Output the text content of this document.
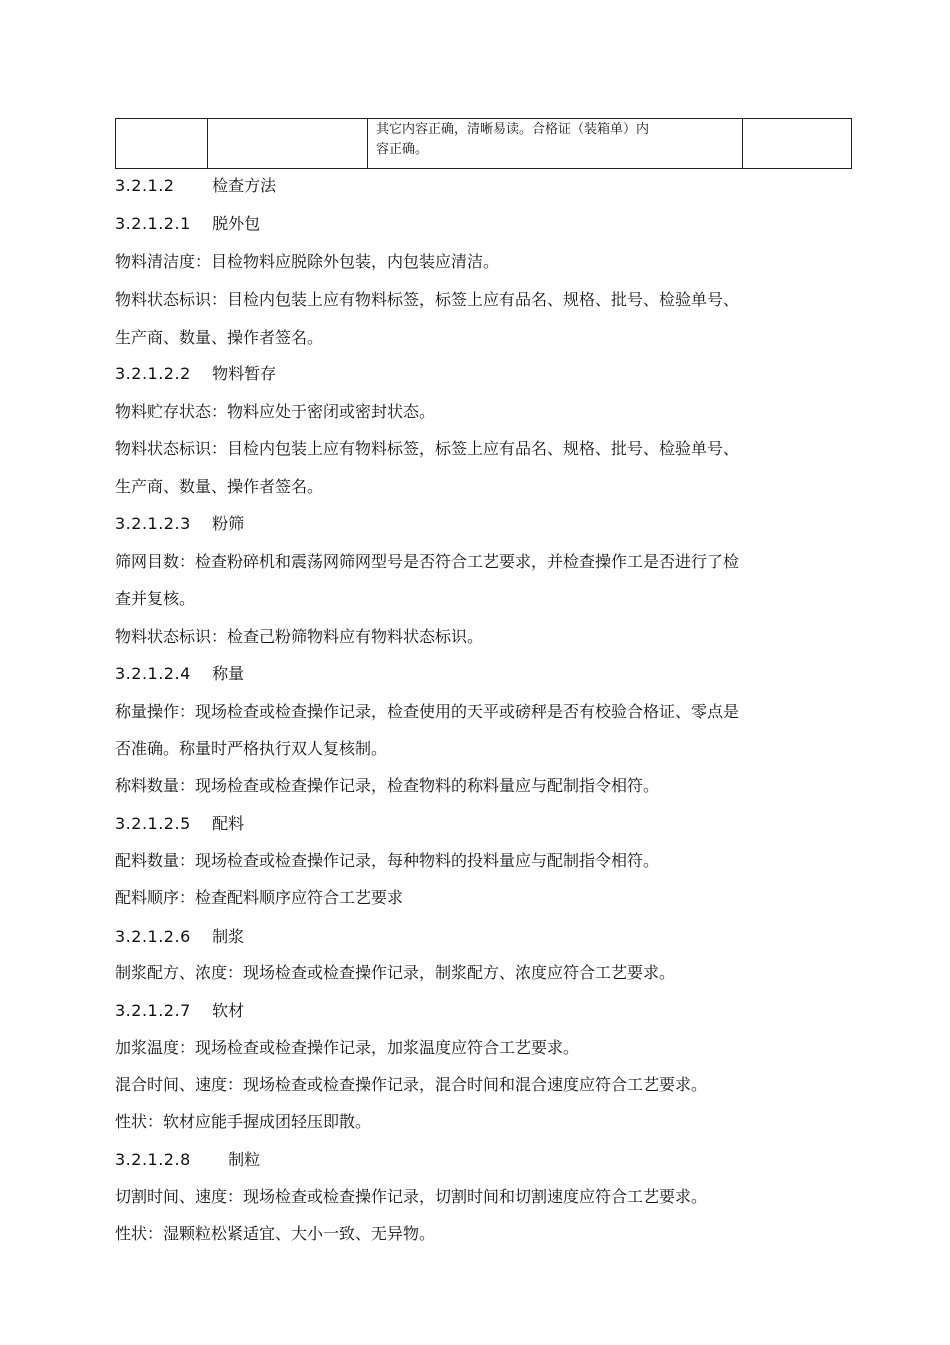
其它内容正确，清晰易读。合格证（装箱单）内
容正确。

3.2.1.2 检查方法
3.2.1.2.1 脱外包
物料清洁度：目检物料应脱除外包装，内包装应清洁。
物料状态标识：目检内包装上应有物料标签，标签上应有品名、规格、批号、检验单号、
生产商、数量、操作者签名。
3.2.1.2.2 物料暂存
物料贮存状态：物料应处于密闭或密封状态。
物料状态标识：目检内包装上应有物料标签，标签上应有品名、规格、批号、检验单号、
生产商、数量、操作者签名。
3.2.1.2.3 粉筛
筛网目数：检查粉碎机和震荡网筛网型号是否符合工艺要求，并检查操作工是否进行了检
查并复核。
物料状态标识：检查己粉筛物料应有物料状态标识。
3.2.1.2.4 称量
称量操作：现场检查或检查操作记录，检查使用的天平或磅秤是否有校验合格证、零点是
否准确。称量时严格执行双人复核制。
称料数量：现场检查或检查操作记录，检查物料的称料量应与配制指令相符。
3.2.1.2.5 配料
配料数量：现场检查或检查操作记录，每种物料的投料量应与配制指令相符。
配料顺序：检查配料顺序应符合工艺要求
3.2.1.2.6 制浆
制浆配方、浓度：现场检查或检查操作记录，制浆配方、浓度应符合工艺要求。
3.2.1.2.7 软材
加浆温度：现场检查或检查操作记录，加浆温度应符合工艺要求。
混合时间、速度：现场检查或检查操作记录，混合时间和混合速度应符合工艺要求。
性状：软材应能手握成团轻压即散。
3.2.1.2.8 制粒
切割时间、速度：现场检查或检查操作记录，切割时间和切割速度应符合工艺要求。
性状：湿颗粒松紧适宜、大小一致、无异物。
